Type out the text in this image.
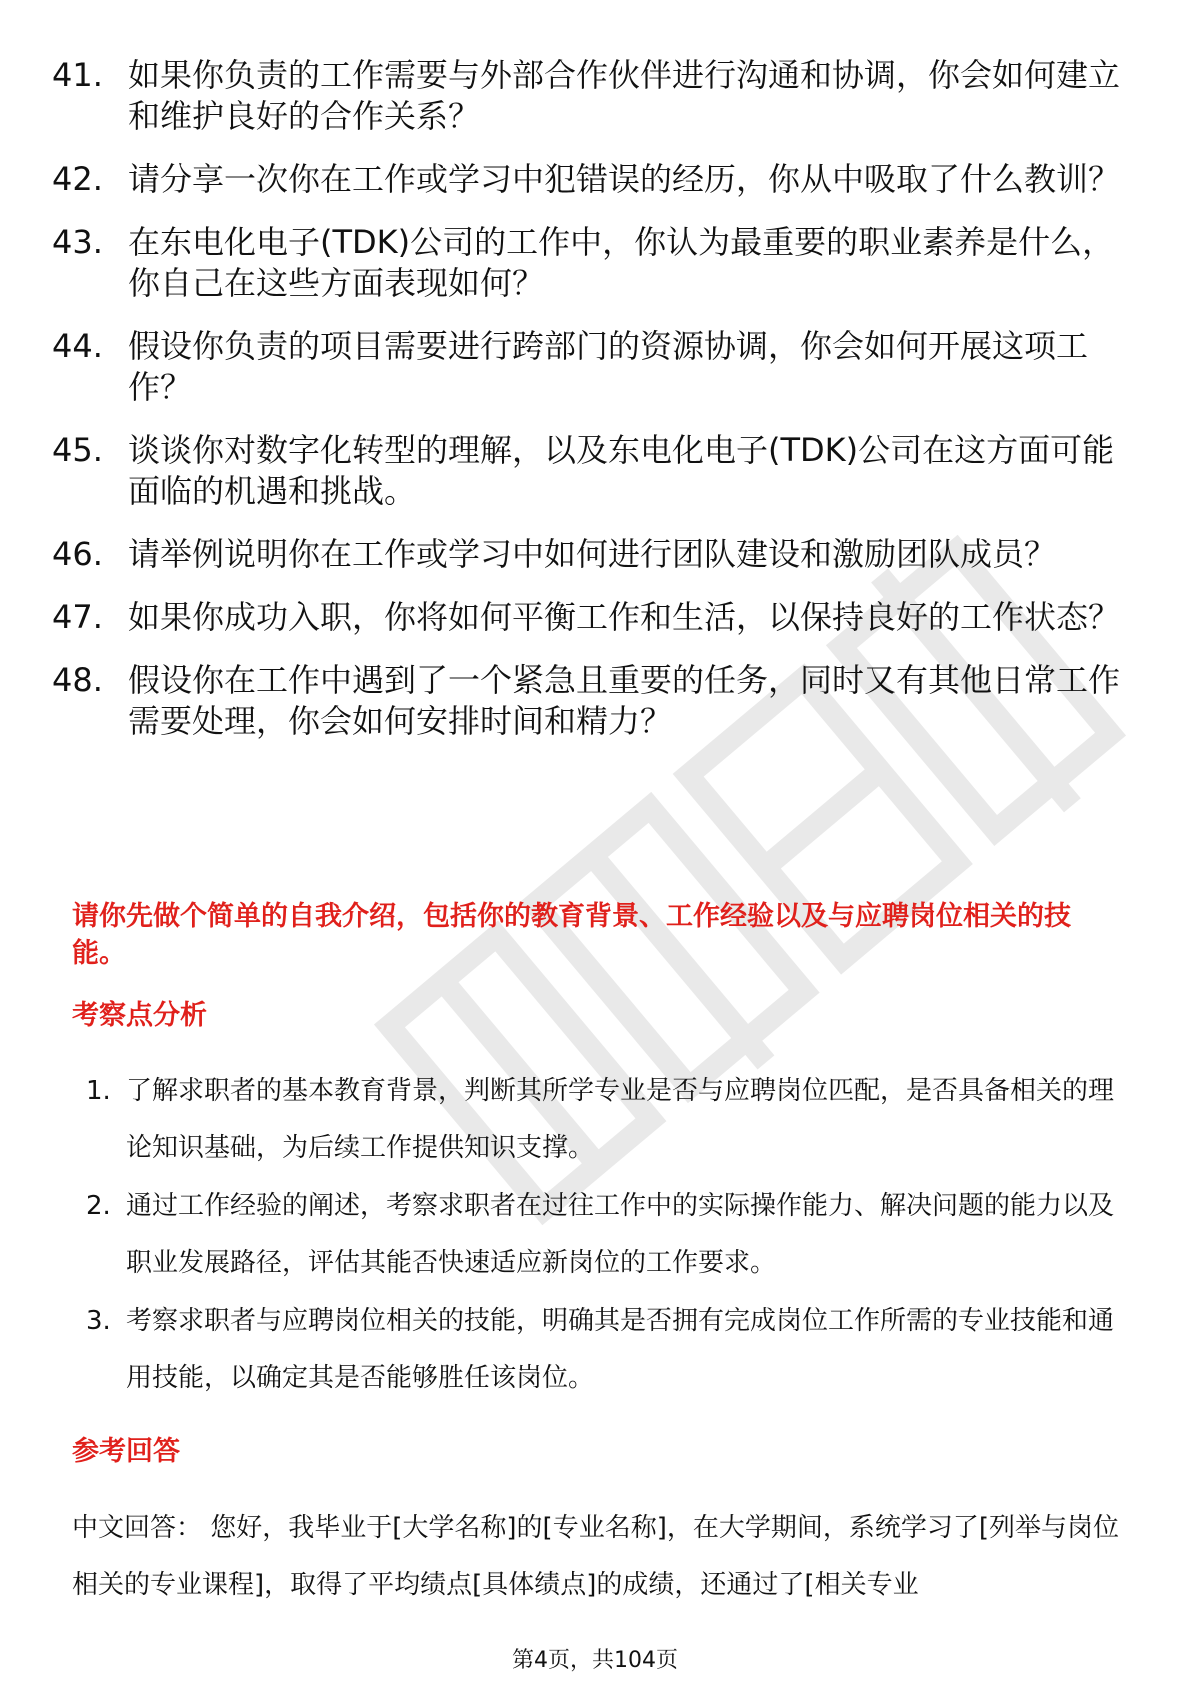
41. 如果你负责的工作需要与外部合作伙伴进行沟通和协调，你会如何建立和维护良好的合作关系？
42. 请分享一次你在工作或学习中犯错误的经历，你从中吸取了什么教训？
43. 在东电化电子(TDK)公司的工作中，你认为最重要的职业素养是什么，你自己在这些方面表现如何？
44. 假设你负责的项目需要进行跨部门的资源协调，你会如何开展这项工作？
45. 谈谈你对数字化转型的理解，以及东电化电子(TDK)公司在这方面可能面临的机遇和挑战。
46. 请举例说明你在工作或学习中如何进行团队建设和激励团队成员？
47. 如果你成功入职，你将如何平衡工作和生活，以保持良好的工作状态？
48. 假设你在工作中遇到了一个紧急且重要的任务，同时又有其他日常工作需要处理，你会如何安排时间和精力？
请你先做个简单的自我介绍，包括你的教育背景、工作经验以及与应聘岗位相关的技能。
考察点分析
1. 了解求职者的基本教育背景，判断其所学专业是否与应聘岗位匹配，是否具备相关的理论知识基础，为后续工作提供知识支撑。
2. 通过工作经验的阐述，考察求职者在过往工作中的实际操作能力、解决问题的能力以及职业发展路径，评估其能否快速适应新岗位的工作要求。
3. 考察求职者与应聘岗位相关的技能，明确其是否拥有完成岗位工作所需的专业技能和通用技能，以确定其是否能够胜任该岗位。
参考回答
中文回答： 您好，我毕业于[大学名称]的[专业名称]，在大学期间，系统学习了[列举与岗位相关的专业课程]，取得了平均绩点[具体绩点]的成绩，还通过了[相关专业
第4页，共104页
